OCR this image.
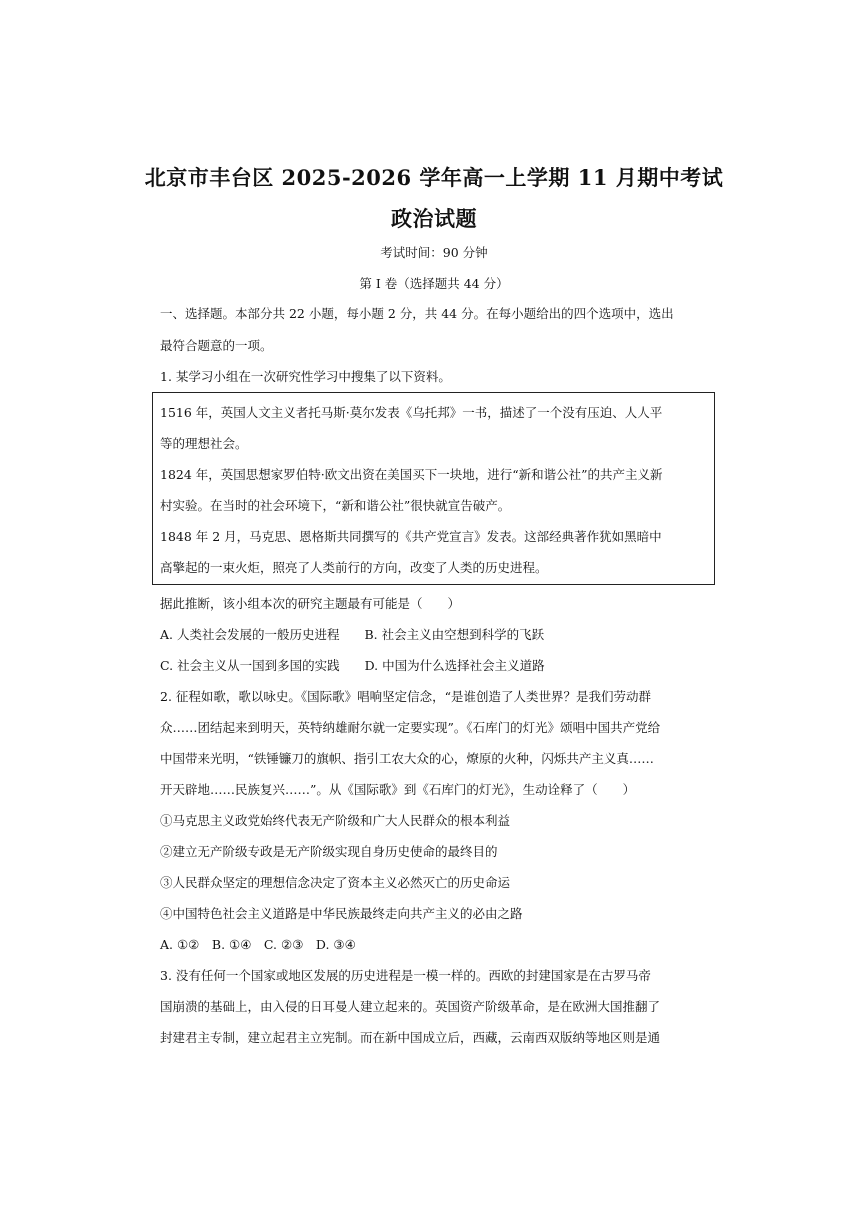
北京市丰台区 2025-2026 学年高一上学期 11 月期中考试
政治试题
考试时间：90 分钟
第 I 卷（选择题共 44 分）
一、选择题。本部分共 22 小题，每小题 2 分，共 44 分。在每小题给出的四个选项中，选出
最符合题意的一项。
1. 某学习小组在一次研究性学习中搜集了以下资料。
1516 年，英国人文主义者托马斯·莫尔发表《乌托邦》一书，描述了一个没有压迫、人人平
等的理想社会。
1824 年，英国思想家罗伯特·欧文出资在美国买下一块地，进行“新和谐公社”的共产主义新
村实验。在当时的社会环境下，“新和谐公社”很快就宣告破产。
1848 年 2 月，马克思、恩格斯共同撰写的《共产党宣言》发表。这部经典著作犹如黑暗中
高擎起的一束火炬，照亮了人类前行的方向，改变了人类的历史进程。
据此推断，该小组本次的研究主题最有可能是（　　）
A. 人类社会发展的一般历史进程　　B. 社会主义由空想到科学的飞跃
C. 社会主义从一国到多国的实践　　D. 中国为什么选择社会主义道路
2. 征程如歌，歌以咏史。《国际歌》唱响坚定信念，“是谁创造了人类世界？是我们劳动群
众……团结起来到明天，英特纳雄耐尔就一定要实现”。《石库门的灯光》颂唱中国共产党给
中国带来光明，“铁锤镰刀的旗帜、指引工农大众的心，燎原的火种，闪烁共产主义真……
开天辟地……民族复兴……”。从《国际歌》到《石库门的灯光》，生动诠释了（　　）
①马克思主义政党始终代表无产阶级和广大人民群众的根本利益
②建立无产阶级专政是无产阶级实现自身历史使命的最终目的
③人民群众坚定的理想信念决定了资本主义必然灭亡的历史命运
④中国特色社会主义道路是中华民族最终走向共产主义的必由之路
A. ①②　B. ①④　C. ②③　D. ③④
3. 没有任何一个国家或地区发展的历史进程是一模一样的。西欧的封建国家是在古罗马帝
国崩溃的基础上，由入侵的日耳曼人建立起来的。英国资产阶级革命，是在欧洲大国推翻了
封建君主专制，建立起君主立宪制。而在新中国成立后，西藏，云南西双版纳等地区则是通
